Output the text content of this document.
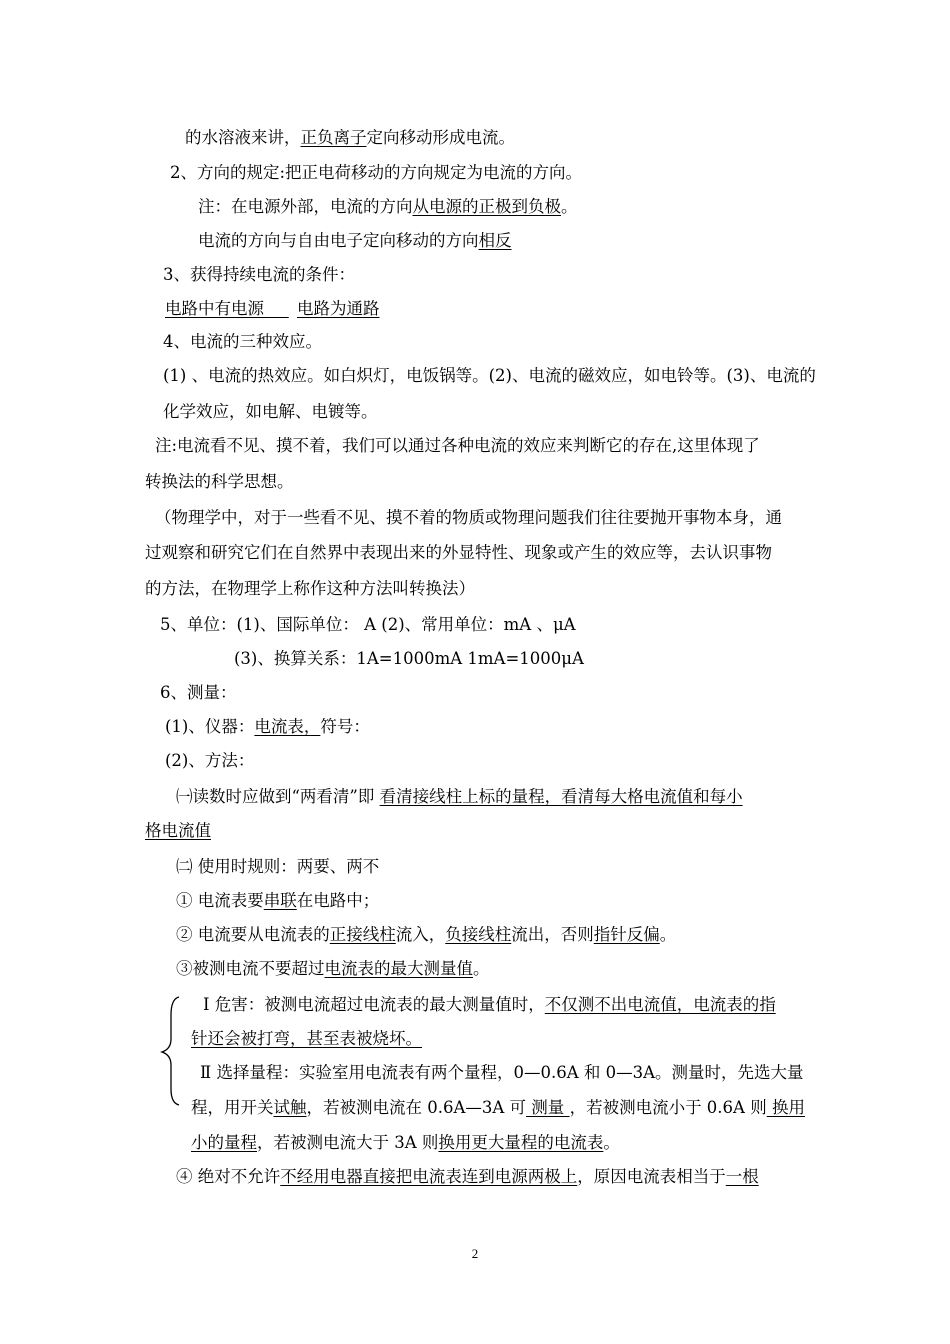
的水溶液来讲，正负离子定向移动形成电流。
2、方向的规定:把正电荷移动的方向规定为电流的方向。
注：在电源外部，电流的方向从电源的正极到负极。
电流的方向与自由电子定向移动的方向相反
3、获得持续电流的条件：
电路中有电源    电路为通路
4、电流的三种效应。
(1) 、电流的热效应。如白炽灯，电饭锅等。(2)、电流的磁效应，如电铃等。(3)、电流的
化学效应，如电解、电镀等。
注:电流看不见、摸不着，我们可以通过各种电流的效应来判断它的存在,这里体现了
转换法的科学思想。
（物理学中，对于一些看不见、摸不着的物质或物理问题我们往往要抛开事物本身，通
过观察和研究它们在自然界中表现出来的外显特性、现象或产生的效应等，去认识事物
的方法，在物理学上称作这种方法叫转换法）
5、单位：(1)、国际单位： A (2)、常用单位：mA 、μA
(3)、换算关系：1A=1000mA 1mA=1000μA
6、测量：
(1)、仪器：电流表，符号：
(2)、方法：
㈠读数时应做到“两看清”即 看清接线柱上标的量程，看清每大格电流值和每小
格电流值
㈡ 使用时规则：两要、两不
① 电流表要串联在电路中；
② 电流要从电流表的正接线柱流入，负接线柱流出，否则指针反偏。
③被测电流不要超过电流表的最大测量值。
Ⅰ 危害：被测电流超过电流表的最大测量值时，不仅测不出电流值，电流表的指
针还会被打弯，甚至表被烧坏。
Ⅱ 选择量程：实验室用电流表有两个量程，0—0.6A 和 0—3A。测量时，先选大量
程，用开关试触，若被测电流在 0.6A—3A 可 测量 ，若被测电流小于 0.6A 则 换用
小的量程，若被测电流大于 3A 则换用更大量程的电流表。
④ 绝对不允许不经用电器直接把电流表连到电源两极上，原因电流表相当于一根
2
